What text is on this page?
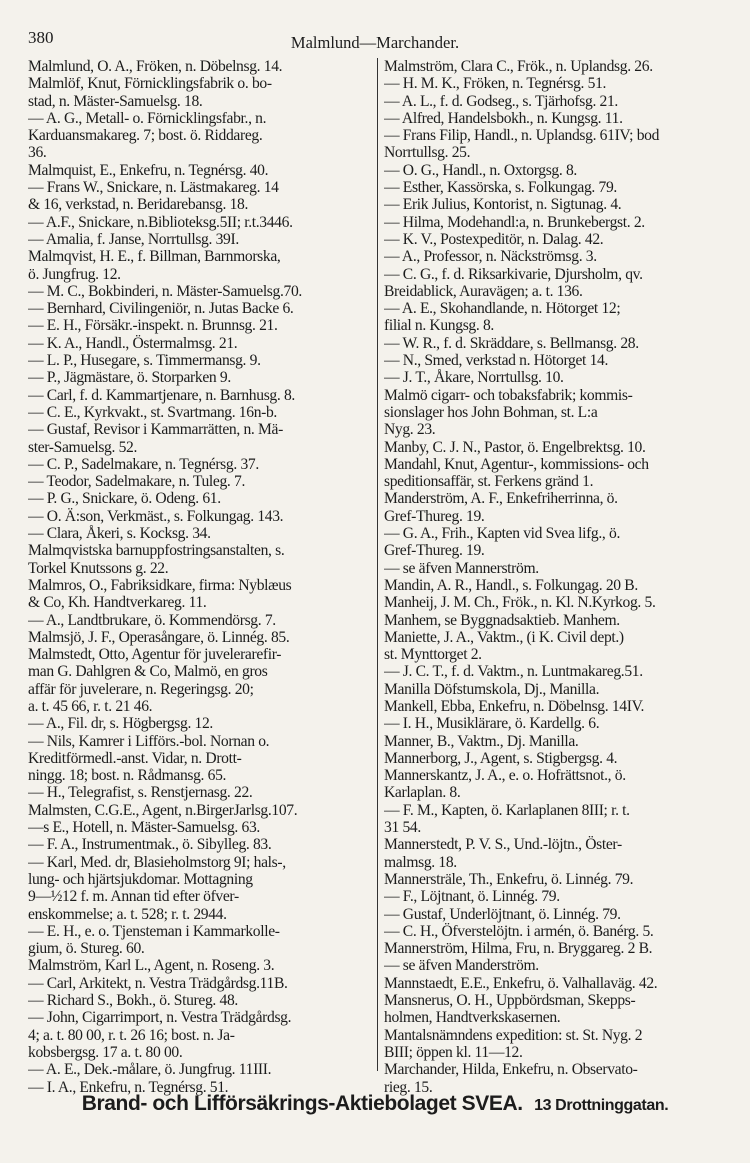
380	Malmlund—Marchander.
Malmlund, O. A., Fröken, n. Döbelnsg. 14.
Malmlöf, Knut, Förnicklingsfabrik o. bo-
stad, n. Mäster-Samuelsg. 18.
— A. G., Metall- o. Förnicklingsfabr., n.
Karduansmakareg. 7; bost. ö. Riddareg.
36.
Malmquist, E., Enkefru, n. Tegnérsg. 40.
— Frans W., Snickare, n. Lästmakareg. 14
& 16, verkstad, n. Beridarebansg. 18.
— A.F., Snickare, n.Biblioteksg.5II; r.t.3446.
— Amalia, f. Janse, Norrtullsg. 39I.
Malmqvist, H. E., f. Billman, Barnmorska,
ö. Jungfrug. 12.
— M. C., Bokbinderi, n. Mäster-Samuelsg.70.
— Bernhard, Civilingeniör, n. Jutas Backe 6.
— E. H., Försäkr.-inspekt. n. Brunnsg. 21.
— K. A., Handl., Östermalmsg. 21.
— L. P., Husegare, s. Timmermansg. 9.
— P., Jägmästare, ö. Storparken 9.
— Carl, f. d. Kammartjenare, n. Barnhusg. 8.
— C. E., Kyrkvakt., st. Svartmang. 16n-b.
— Gustaf, Revisor i Kammarrätten, n. Mä-
ster-Samuelsg. 52.
— C. P., Sadelmakare, n. Tegnérsg. 37.
— Teodor, Sadelmakare, n. Tuleg. 7.
— P. G., Snickare, ö. Odeng. 61.
— O. Ä:son, Verkmäst., s. Folkungag. 143.
— Clara, Åkeri, s. Kocksg. 34.
Malmqvistska barnuppfostringsanstalten, s.
Torkel Knutssons g. 22.
Malmros, O., Fabriksidkare, firma: Nyblæus
& Co, Kh. Handtverkareg. 11.
— A., Landtbrukare, ö. Kommendörsg. 7.
Malmsjö, J. F., Operasångare, ö. Linnég. 85.
Malmstedt, Otto, Agentur för juvelerarefir-
man G. Dahlgren & Co, Malmö, en gros
affär för juvelerare, n. Regeringsg. 20;
a. t. 45 66, r. t. 21 46.
— A., Fil. dr, s. Högbergsg. 12.
— Nils, Kamrer i Lifförs.-bol. Nornan o.
Kreditförmedl.-anst. Vidar, n. Drott-
ningg. 18; bost. n. Rådmansg. 65.
— H., Telegrafist, s. Renstjernasg. 22.
Malmsten, C.G.E., Agent, n.BirgerJarlsg.107.
—s E., Hotell, n. Mäster-Samuelsg. 63.
— F. A., Instrumentmak., ö. Sibylleg. 83.
— Karl, Med. dr, Blasieholmstorg 9I; hals-,
lung- och hjärtsjukdomar. Mottagning
9—½12 f. m. Annan tid efter öfver-
enskommelse; a. t. 528; r. t. 2944.
— E. H., e. o. Tjensteman i Kammarkolle-
gium, ö. Stureg. 60.
Malmström, Karl L., Agent, n. Roseng. 3.
— Carl, Arkitekt, n. Vestra Trädgårdsg.11B.
— Richard S., Bokh., ö. Stureg. 48.
— John, Cigarrimport, n. Vestra Trädgårdsg.
4; a. t. 80 00, r. t. 26 16; bost. n. Ja-
kobsbergsg. 17 a. t. 80 00.
— A. E., Dek.-målare, ö. Jungfrug. 11III.
— I. A., Enkefru, n. Tegnérsg. 51.
Malmström, Clara C., Frök., n. Uplandsg. 26.
— H. M. K., Fröken, n. Tegnérsg. 51.
— A. L., f. d. Godseg., s. Tjärhofsg. 21.
— Alfred, Handelsbokh., n. Kungsg. 11.
— Frans Filip, Handl., n. Uplandsg. 61IV; bod
Norrtullsg. 25.
— O. G., Handl., n. Oxtorgsg. 8.
— Esther, Kassörska, s. Folkungag. 79.
— Erik Julius, Kontorist, n. Sigtunag. 4.
— Hilma, Modehandl:a, n. Brunkebergst. 2.
— K. V., Postexpeditör, n. Dalag. 42.
— A., Professor, n. Näckströmsg. 3.
— C. G., f. d. Riksarkivarie, Djursholm, qv.
Breidablick, Auravägen; a. t. 136.
— A. E., Skohandlande, n. Hötorget 12;
filial n. Kungsg. 8.
— W. R., f. d. Skräddare, s. Bellmansg. 28.
— N., Smed, verkstad n. Hötorget 14.
— J. T., Åkare, Norrtullsg. 10.
Malmö cigarr- och tobaksfabrik; kommis-
sionslager hos John Bohman, st. L:a
Nyg. 23.
Manby, C. J. N., Pastor, ö. Engelbrektsg. 10.
Mandahl, Knut, Agentur-, kommissions- och
speditionsaffär, st. Ferkens gränd 1.
Manderström, A. F., Enkefriherrinna, ö.
Gref-Thureg. 19.
— G. A., Frih., Kapten vid Svea lifg., ö.
Gref-Thureg. 19.
— se äfven Mannerström.
Mandin, A. R., Handl., s. Folkungag. 20 B.
Manheij, J. M. Ch., Frök., n. Kl. N.Kyrkog. 5.
Manhem, se Byggnadsaktieb. Manhem.
Maniette, J. A., Vaktm., (i K. Civil dept.)
st. Mynttorget 2.
— J. C. T., f. d. Vaktm., n. Luntmakareg.51.
Manilla Döfstumskola, Dj., Manilla.
Mankell, Ebba, Enkefru, n. Döbelnsg. 14IV.
— I. H., Musiklärare, ö. Kardellg. 6.
Manner, B., Vaktm., Dj. Manilla.
Mannerborg, J., Agent, s. Stigbergsg. 4.
Mannerskantz, J. A., e. o. Hofrättsnot., ö.
Karlaplan. 8.
— F. M., Kapten, ö. Karlaplanen 8III; r. t.
31 54.
Mannerstedt, P. V. S., Und.-löjtn., Öster-
malmsg. 18.
Mannersträle, Th., Enkefru, ö. Linnég. 79.
— F., Löjtnant, ö. Linnég. 79.
— Gustaf, Underlöjtnant, ö. Linnég. 79.
— C. H., Öfverstelöjtn. i armén, ö. Banérg. 5.
Mannerström, Hilma, Fru, n. Bryggareg. 2 B.
— se äfven Manderström.
Mannstaedt, E.E., Enkefru, ö. Valhallaväg. 42.
Mansnerus, O. H., Uppbördsman, Skepps-
holmen, Handtverkskasernen.
Mantalsnämndens expedition: st. St. Nyg. 2
BIII; öppen kl. 11—12.
Marchander, Hilda, Enkefru, n. Observato-
rieg. 15.
Brand- och Lifförsäkrings-Aktiebolaget SVEA. 13 Drottninggatan.
